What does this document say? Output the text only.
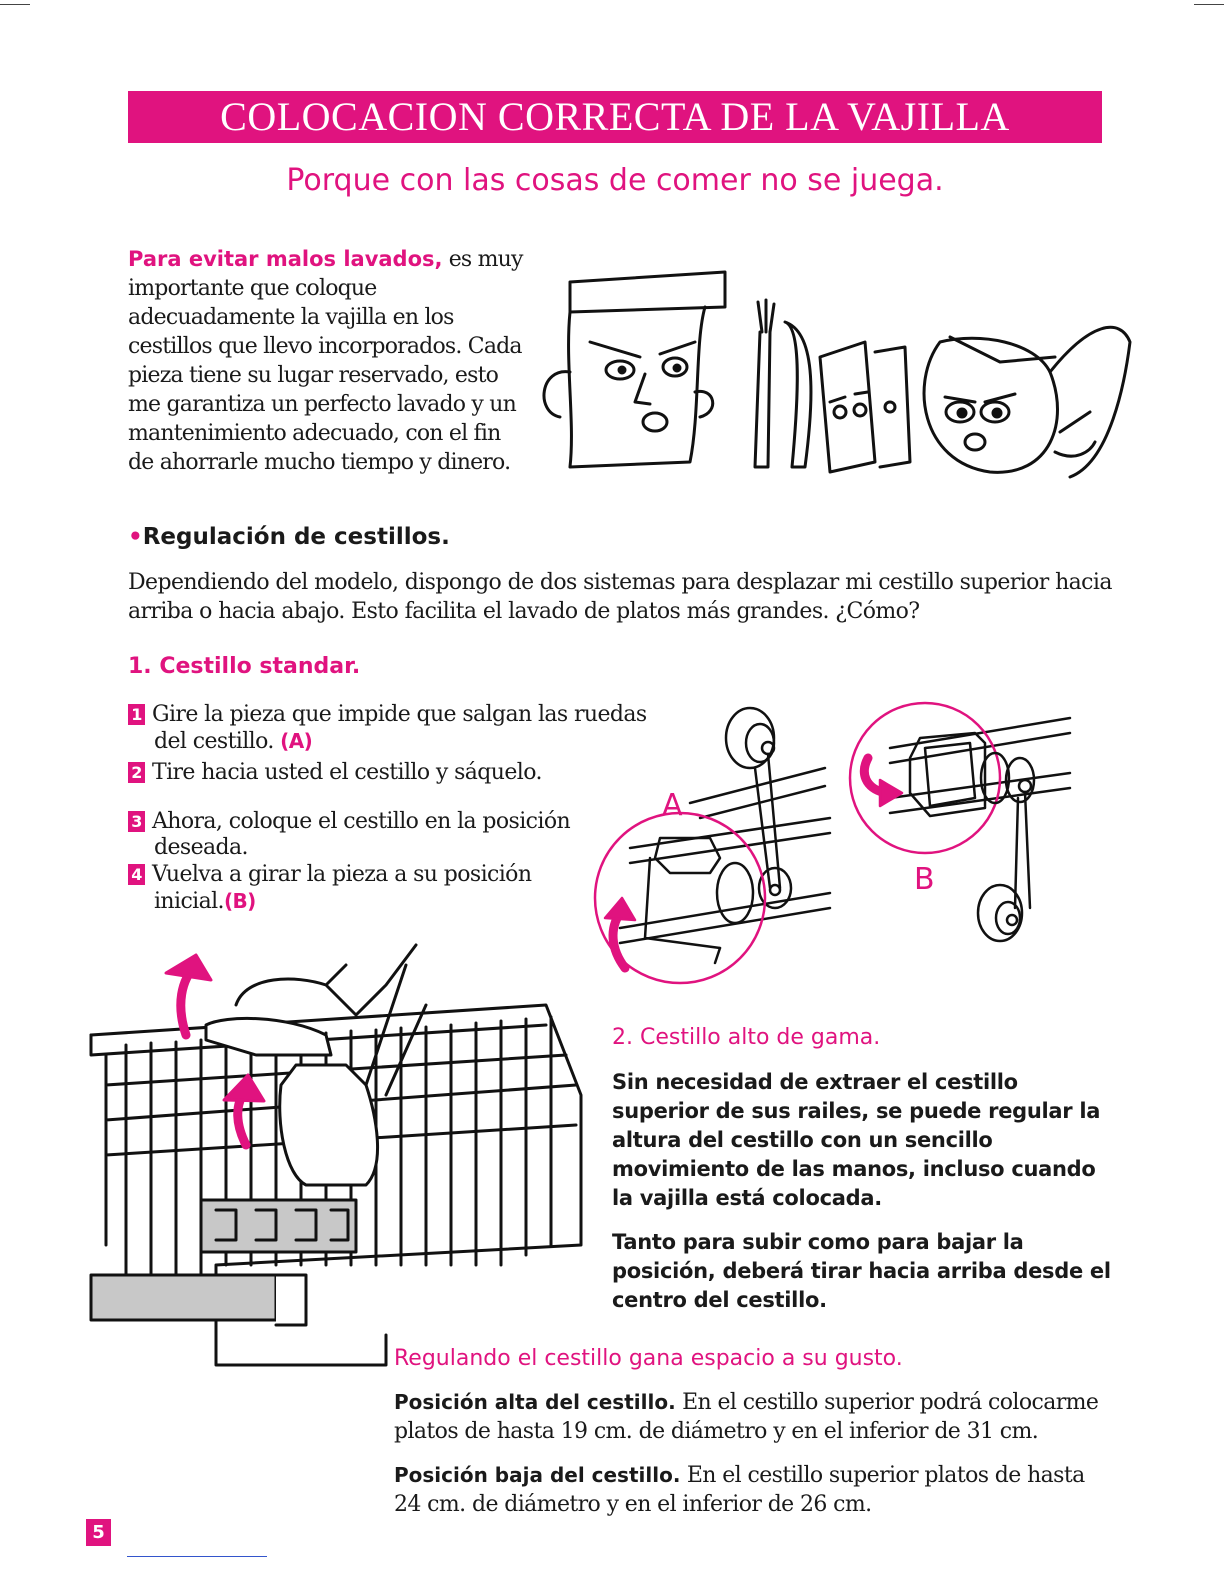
COLOCACION CORRECTA DE LA VAJILLA
Porque con las cosas de comer no se juega.
Para evitar malos lavados, es muy importante que coloque adecuadamente la vajilla en los cestillos que llevo incorporados. Cada pieza tiene su lugar reservado, esto me garantiza un perfecto lavado y un mantenimiento adecuado, con el fin de ahorrarle mucho tiempo y dinero.
•Regulación de cestillos.
Dependiendo del modelo, dispongo de dos sistemas para desplazar mi cestillo superior hacia arriba o hacia abajo. Esto facilita el lavado de platos más grandes. ¿Cómo?
1. Cestillo standar.
1 Gire la pieza que impide que salgan las ruedas
del cestillo. (A)
2 Tire hacia usted el cestillo y sáquelo.
3 Ahora, coloque el cestillo en la posición
deseada.
4 Vuelva a girar la pieza a su posición
inicial.(B)
A
B
2. Cestillo alto de gama.
Sin necesidad de extraer el cestillo superior de sus railes, se puede regular la altura del cestillo con un sencillo movimiento de las manos, incluso cuando la vajilla está colocada.
Tanto para subir como para bajar la posición, deberá tirar hacia arriba desde el centro del cestillo.
Regulando el cestillo gana espacio a su gusto.
Posición alta del cestillo. En el cestillo superior podrá colocarme platos de hasta 19 cm. de diámetro y en el inferior de 31 cm.
Posición baja del cestillo. En el cestillo superior platos de hasta 24 cm. de diámetro y en el inferior de 26 cm.
5
